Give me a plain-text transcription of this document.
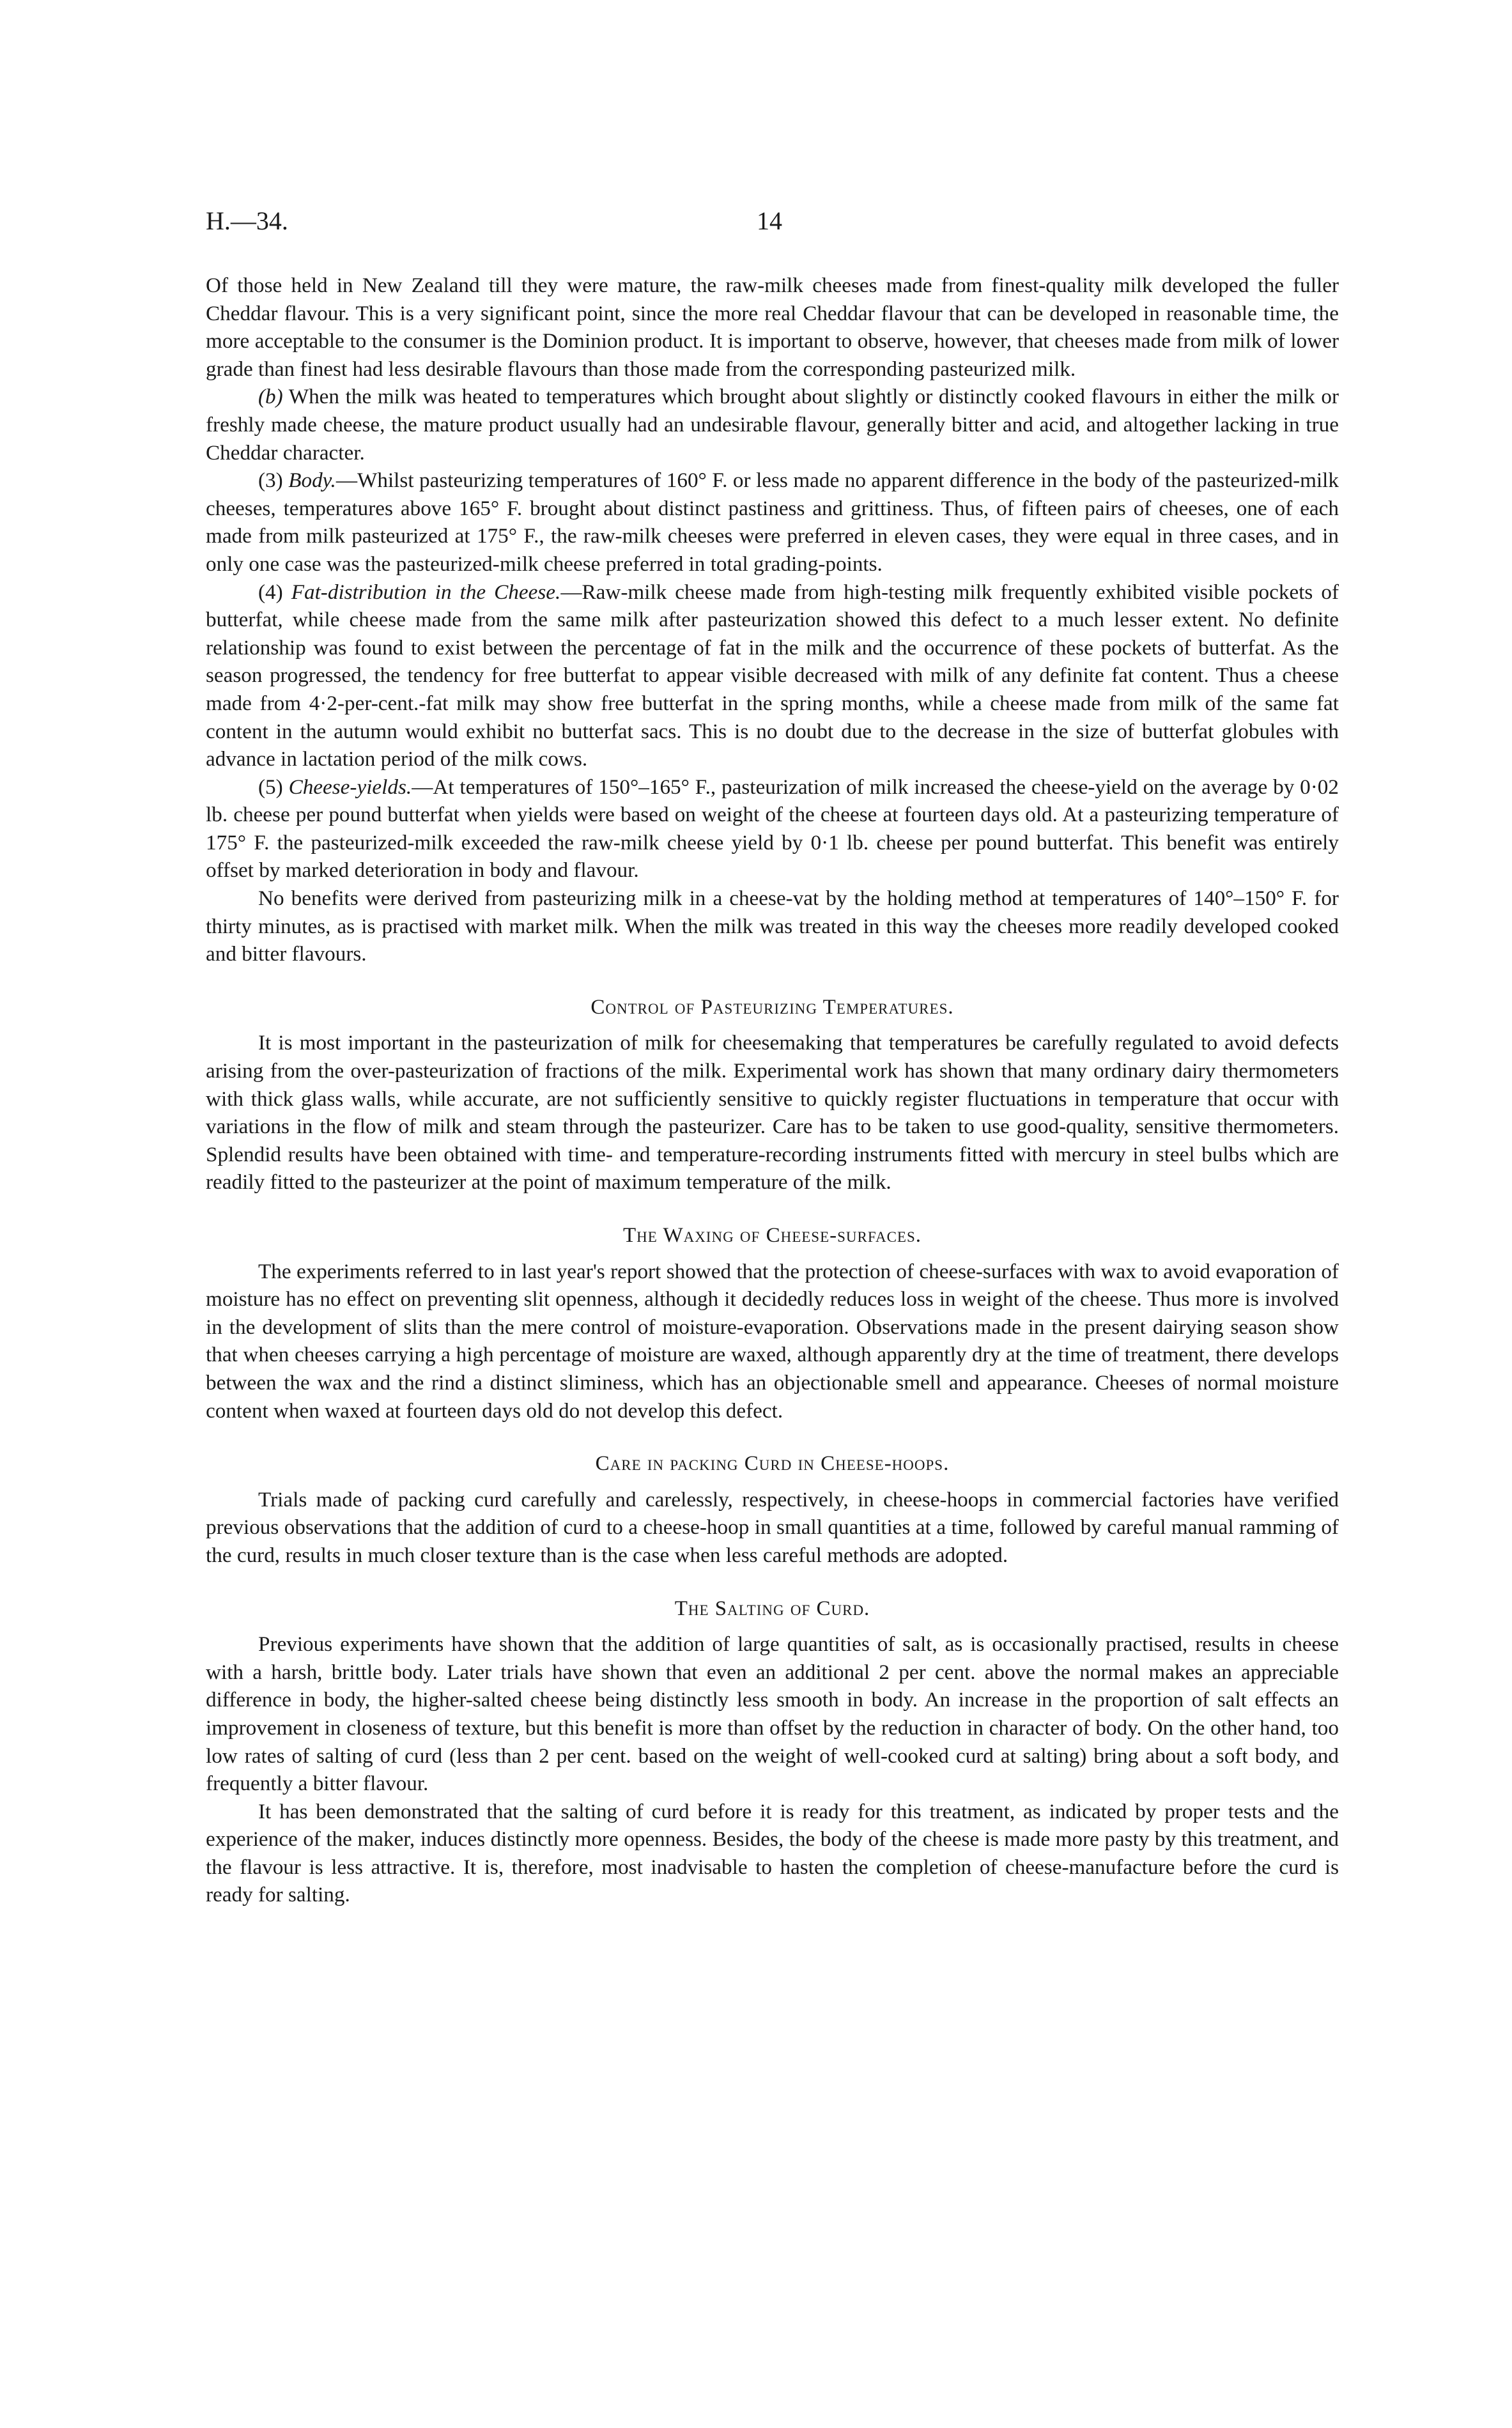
H.—34.	14

Of those held in New Zealand till they were mature, the raw-milk cheeses made from finest-quality milk developed the fuller Cheddar flavour. This is a very significant point, since the more real Cheddar flavour that can be developed in reasonable time, the more acceptable to the consumer is the Dominion product. It is important to observe, however, that cheeses made from milk of lower grade than finest had less desirable flavours than those made from the corresponding pasteurized milk.

(b) When the milk was heated to temperatures which brought about slightly or distinctly cooked flavours in either the milk or freshly made cheese, the mature product usually had an undesirable flavour, generally bitter and acid, and altogether lacking in true Cheddar character.

(3) Body.—Whilst pasteurizing temperatures of 160° F. or less made no apparent difference in the body of the pasteurized-milk cheeses, temperatures above 165° F. brought about distinct pastiness and grittiness. Thus, of fifteen pairs of cheeses, one of each made from milk pasteurized at 175° F., the raw-milk cheeses were preferred in eleven cases, they were equal in three cases, and in only one case was the pasteurized-milk cheese preferred in total grading-points.

(4) Fat-distribution in the Cheese.—Raw-milk cheese made from high-testing milk frequently exhibited visible pockets of butterfat, while cheese made from the same milk after pasteurization showed this defect to a much lesser extent. No definite relationship was found to exist between the percentage of fat in the milk and the occurrence of these pockets of butterfat. As the season progressed, the tendency for free butterfat to appear visible decreased with milk of any definite fat content. Thus a cheese made from 4·2-per-cent.-fat milk may show free butterfat in the spring months, while a cheese made from milk of the same fat content in the autumn would exhibit no butterfat sacs. This is no doubt due to the decrease in the size of butterfat globules with advance in lactation period of the milk cows.

(5) Cheese-yields.—At temperatures of 150°–165° F., pasteurization of milk increased the cheese-yield on the average by 0·02 lb. cheese per pound butterfat when yields were based on weight of the cheese at fourteen days old. At a pasteurizing temperature of 175° F. the pasteurized-milk exceeded the raw-milk cheese yield by 0·1 lb. cheese per pound butterfat. This benefit was entirely offset by marked deterioration in body and flavour.

No benefits were derived from pasteurizing milk in a cheese-vat by the holding method at temperatures of 140°–150° F. for thirty minutes, as is practised with market milk. When the milk was treated in this way the cheeses more readily developed cooked and bitter flavours.

Control of Pasteurizing Temperatures.

It is most important in the pasteurization of milk for cheesemaking that temperatures be carefully regulated to avoid defects arising from the over-pasteurization of fractions of the milk. Experimental work has shown that many ordinary dairy thermometers with thick glass walls, while accurate, are not sufficiently sensitive to quickly register fluctuations in temperature that occur with variations in the flow of milk and steam through the pasteurizer. Care has to be taken to use good-quality, sensitive thermometers. Splendid results have been obtained with time- and temperature-recording instruments fitted with mercury in steel bulbs which are readily fitted to the pasteurizer at the point of maximum temperature of the milk.

The Waxing of Cheese-surfaces.

The experiments referred to in last year's report showed that the protection of cheese-surfaces with wax to avoid evaporation of moisture has no effect on preventing slit openness, although it decidedly reduces loss in weight of the cheese. Thus more is involved in the development of slits than the mere control of moisture-evaporation. Observations made in the present dairying season show that when cheeses carrying a high percentage of moisture are waxed, although apparently dry at the time of treatment, there develops between the wax and the rind a distinct sliminess, which has an objectionable smell and appearance. Cheeses of normal moisture content when waxed at fourteen days old do not develop this defect.

Care in packing Curd in Cheese-hoops.

Trials made of packing curd carefully and carelessly, respectively, in cheese-hoops in commercial factories have verified previous observations that the addition of curd to a cheese-hoop in small quantities at a time, followed by careful manual ramming of the curd, results in much closer texture than is the case when less careful methods are adopted.

The Salting of Curd.

Previous experiments have shown that the addition of large quantities of salt, as is occasionally practised, results in cheese with a harsh, brittle body. Later trials have shown that even an additional 2 per cent. above the normal makes an appreciable difference in body, the higher-salted cheese being distinctly less smooth in body. An increase in the proportion of salt effects an improvement in closeness of texture, but this benefit is more than offset by the reduction in character of body. On the other hand, too low rates of salting of curd (less than 2 per cent. based on the weight of well-cooked curd at salting) bring about a soft body, and frequently a bitter flavour.

It has been demonstrated that the salting of curd before it is ready for this treatment, as indicated by proper tests and the experience of the maker, induces distinctly more openness. Besides, the body of the cheese is made more pasty by this treatment, and the flavour is less attractive. It is, therefore, most inadvisable to hasten the completion of cheese-manufacture before the curd is ready for salting.
